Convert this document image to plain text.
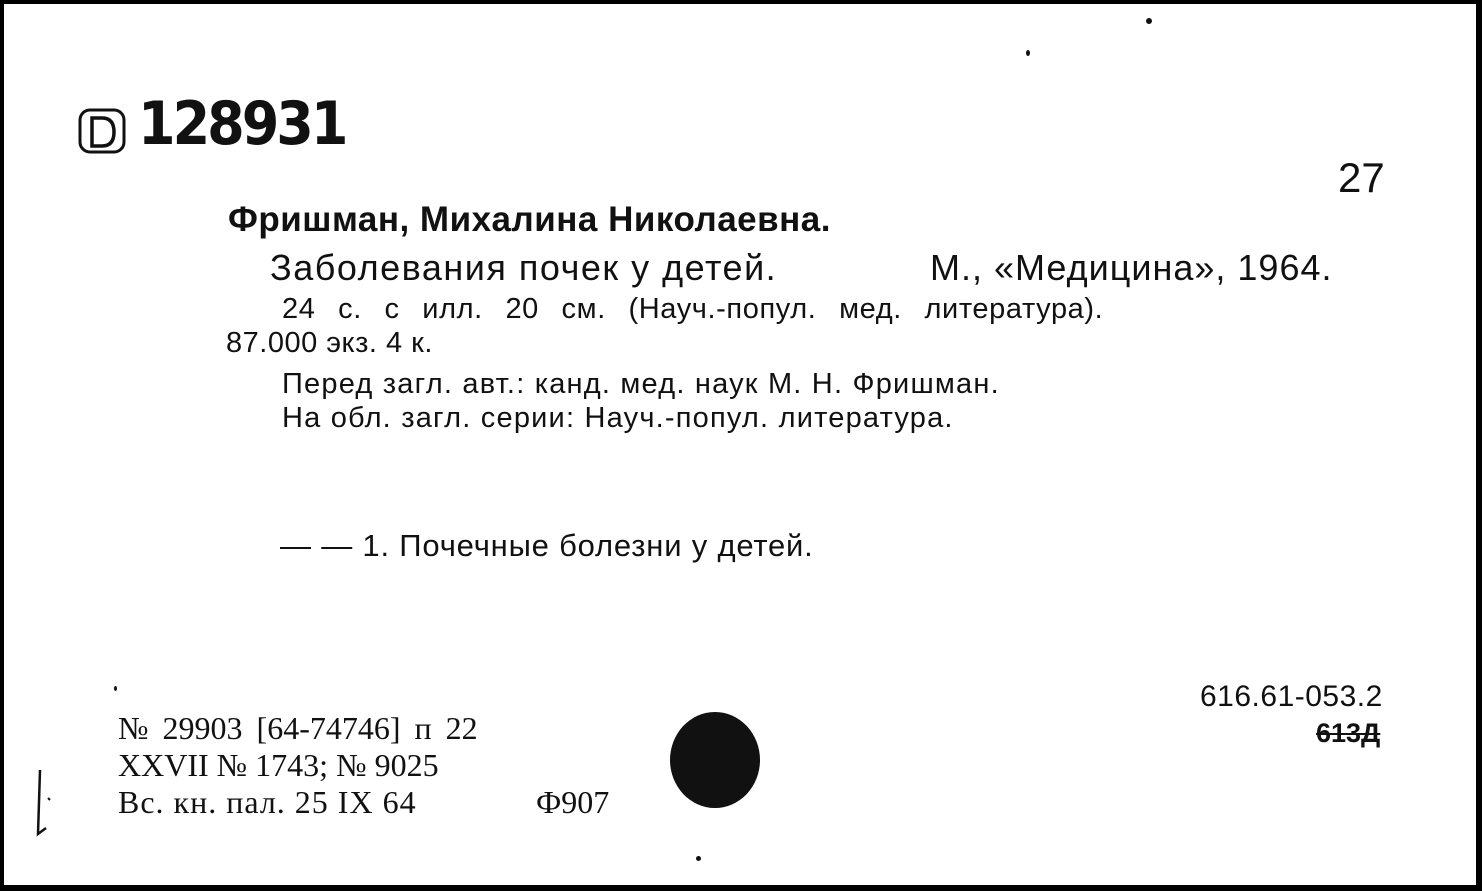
128931
27
Фришман, Михалина Николаевна.
Заболевания почек у детей.	М., «Медицина», 1964.
24 с. с илл. 20 см. (Науч.-попул. мед. литература).
87.000 экз. 4 к.
Перед загл. авт.: канд. мед. наук М. Н. Фришман.
На обл. загл. серии: Науч.-попул. литература.
— — 1. Почечные болезни у детей.
616.61-053.2
613Д
№ 29903 [64-74746] п 22
XXVII № 1743; № 9025
Вс. кн. пал. 25 IX 64	Ф907
